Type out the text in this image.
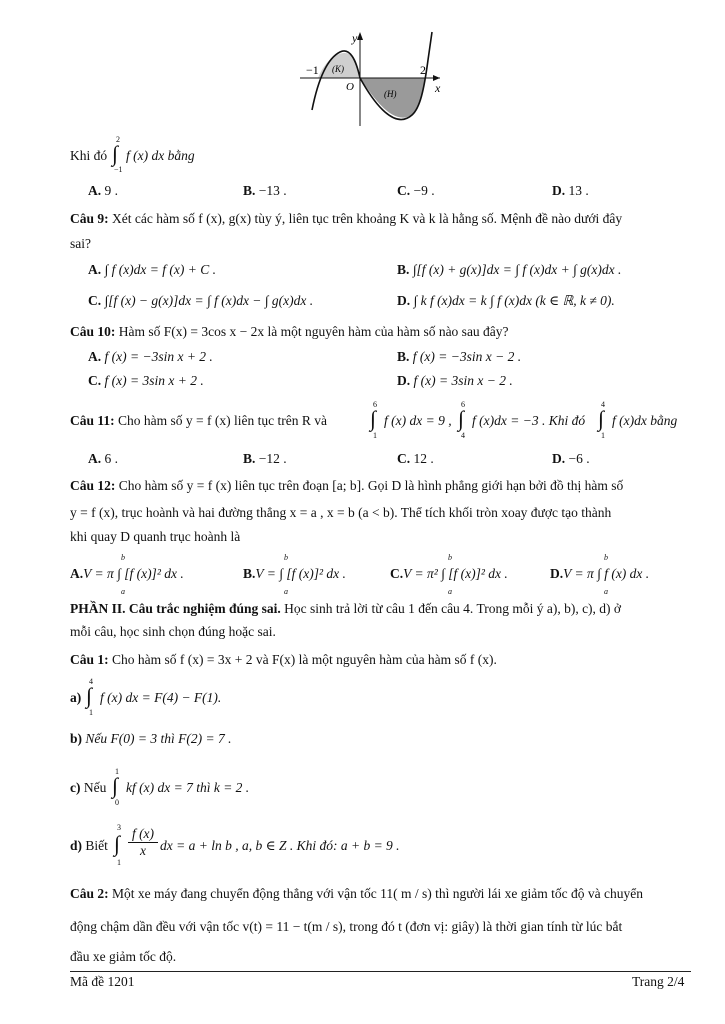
y
x
O
−1	2
(K)
(H)
Khi đó
2
∫
−1
f (x) dx bằng
A. 9 .	B. −13 .	C. −9 .	D. 13 .
Câu 9: Xét các hàm số f (x), g(x) tùy ý, liên tục trên khoảng K và k là hằng số. Mệnh đề nào dưới đây
sai?
A. ∫ f (x)dx = f (x) + C .	B. ∫[f (x) + g(x)]dx = ∫ f (x)dx + ∫ g(x)dx .
C. ∫[f (x) − g(x)]dx = ∫ f (x)dx − ∫ g(x)dx .	D. ∫ k f (x)dx = k ∫ f (x)dx (k ∈ ℝ, k ≠ 0).
Câu 10: Hàm số F(x) = 3cos x − 2x là một nguyên hàm của hàm số nào sau đây?
A. f (x) = −3sin x + 2 .	B. f (x) = −3sin x − 2 .
C. f (x) = 3sin x + 2 .	D. f (x) = 3sin x − 2 .
Câu 11: Cho hàm số y = f (x) liên tục trên R và
6
∫
1
f (x) dx = 9 ,
6
∫
4
f (x)dx = −3 . Khi đó
4
∫
1
f (x)dx bằng
A. 6 .	B. −12 .	C. 12 .	D. −6 .
Câu 12: Cho hàm số y = f (x) liên tục trên đoạn [a; b]. Gọi D là hình phẳng giới hạn bởi đồ thị hàm số
y = f (x), trục hoành và hai đường thẳng x = a , x = b (a < b). Thể tích khối tròn xoay được tạo thành
khi quay D quanh trục hoành là
A.V = π ∫ [f (x)]² dx .	B.V = ∫ [f (x)]² dx .	C.V = π² ∫ [f (x)]² dx .	D.V = π ∫ f (x) dx .
b
a
b
a
b
a
b
a
PHẦN II. Câu trắc nghiệm đúng sai. Học sinh trả lời từ câu 1 đến câu 4. Trong mỗi ý a), b), c), d) ở
mỗi câu, học sinh chọn đúng hoặc sai.
Câu 1: Cho hàm số f (x) = 3x + 2 và F(x) là một nguyên hàm của hàm số f (x).
a)
4
∫
1
f (x) dx = F(4) − F(1).
b) Nếu F(0) = 3 thì F(2) = 7 .
c) Nếu
1
∫
0
kf (x) dx = 7 thì k = 2 .
d) Biết
3
∫
1
f (x)
x	dx = a + ln b , a, b ∈ Z . Khi đó: a + b = 9 .
Câu 2: Một xe máy đang chuyển động thẳng với vận tốc 11( m / s) thì người lái xe giảm tốc độ và chuyển
động chậm dần đều với vận tốc v(t) = 11 − t(m / s), trong đó t (đơn vị: giây) là thời gian tính từ lúc bắt
đầu xe giảm tốc độ.
Mã đề 1201	Trang 2/4
